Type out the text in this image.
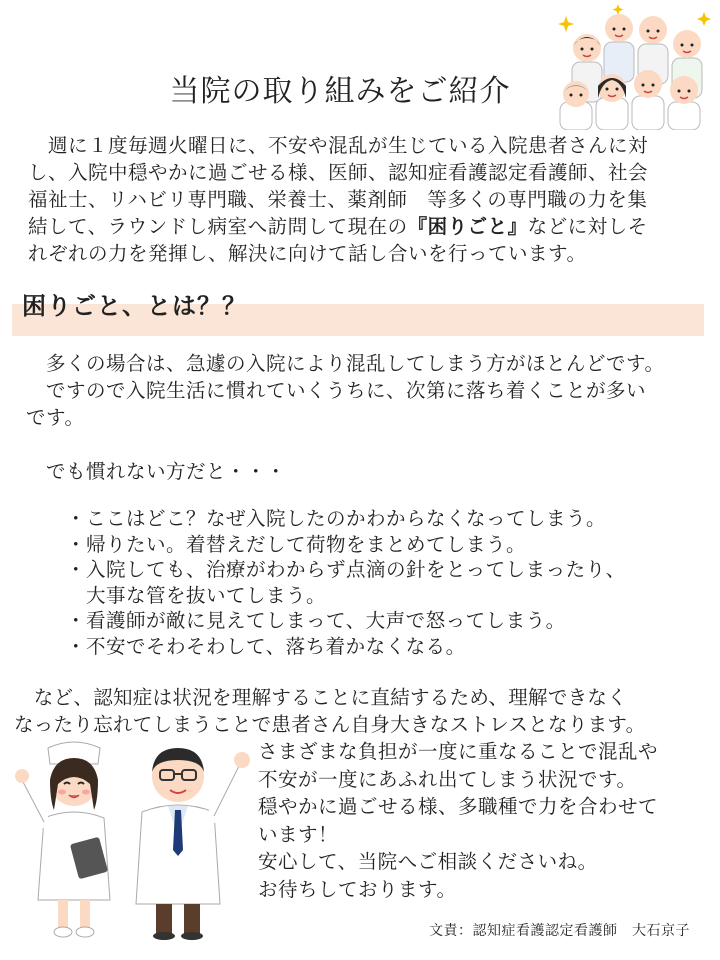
当院の取り組みをご紹介

　週に１度毎週火曜日に、不安や混乱が生じている入院患者さんに対

し、入院中穏やかに過ごせる様、医師、認知症看護認定看護師、社会

福祉士、リハビリ専門職、栄養士、薬剤師　等多くの専門職の力を集

結して、ラウンドし病室へ訪問して現在の『困りごと』などに対しそ

れぞれの力を発揮し、解決に向けて話し合いを行っています。

困りごと、とは？？

　多くの場合は、急遽の入院により混乱してしまう方がほとんどです。

　ですので入院生活に慣れていくうちに、次第に落ち着くことが多い

です。

　でも慣れない方だと・・・

・ここはどこ？なぜ入院したのかわからなくなってしまう。

・帰りたい。着替えだして荷物をまとめてしまう。

・入院しても、治療がわからず点滴の針をとってしまったり、

　大事な管を抜いてしまう。

・看護師が敵に見えてしまって、大声で怒ってしまう。

・不安でそわそわして、落ち着かなくなる。

　など、認知症は状況を理解することに直結するため、理解できなく

なったり忘れてしまうことで患者さん自身大きなストレスとなります。

さまざまな負担が一度に重なることで混乱や

不安が一度にあふれ出てしまう状況です。

穏やかに過ごせる様、多職種で力を合わせて

います！

安心して、当院へご相談くださいね。

お待ちしております。

文責：認知症看護認定看護師　大石京子
